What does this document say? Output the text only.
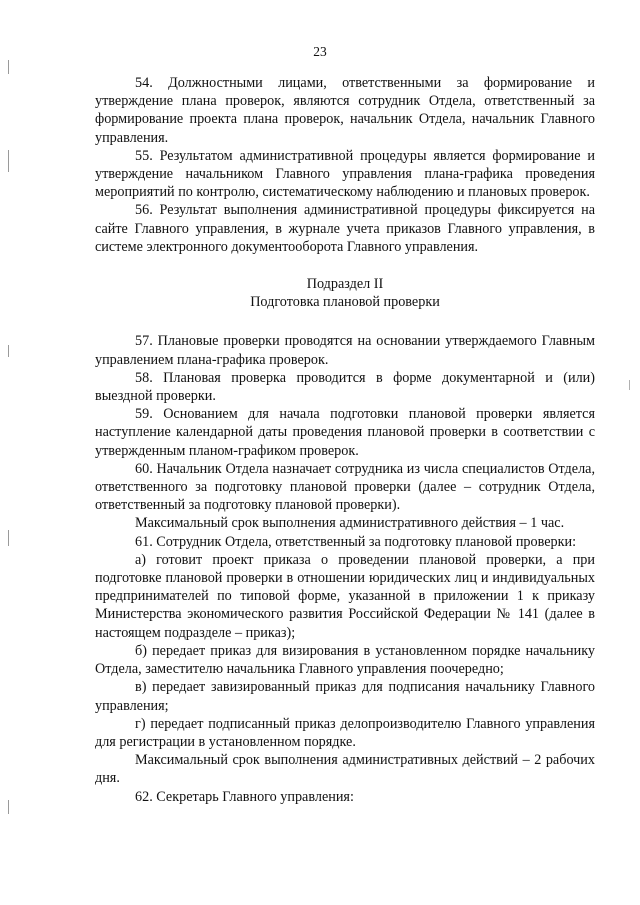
23

54. Должностными лицами, ответственными за формирование и утверждение плана проверок, являются сотрудник Отдела, ответственный за формирование проекта плана проверок, начальник Отдела, начальник Главного управления.

55. Результатом административной процедуры является формирование и утверждение начальником Главного управления плана-графика проведения мероприятий по контролю, систематическому наблюдению и плановых проверок.

56. Результат выполнения административной процедуры фиксируется на сайте Главного управления, в журнале учета приказов Главного управления, в системе электронного документооборота Главного управления.

Подраздел II
Подготовка плановой проверки

57. Плановые проверки проводятся на основании утверждаемого Главным управлением плана-графика проверок.

58. Плановая проверка проводится в форме документарной и (или) выездной проверки.

59. Основанием для начала подготовки плановой проверки является наступление календарной даты проведения плановой проверки в соответствии с утвержденным планом-графиком проверок.

60. Начальник Отдела назначает сотрудника из числа специалистов Отдела, ответственного за подготовку плановой проверки (далее – сотрудник Отдела, ответственный за подготовку плановой проверки).

Максимальный срок выполнения административного действия – 1 час.

61. Сотрудник Отдела, ответственный за подготовку плановой проверки:

а) готовит проект приказа о проведении плановой проверки, а при подготовке плановой проверки в отношении юридических лиц и индивидуальных предпринимателей по типовой форме, указанной в приложении 1 к приказу Министерства экономического развития Российской Федерации № 141 (далее в настоящем подразделе – приказ);

б) передает приказ для визирования в установленном порядке начальнику Отдела, заместителю начальника Главного управления поочередно;

в) передает завизированный приказ для подписания начальнику Главного управления;

г) передает подписанный приказ делопроизводителю Главного управления для регистрации в установленном порядке.

Максимальный срок выполнения административных действий – 2 рабочих дня.

62. Секретарь Главного управления:
